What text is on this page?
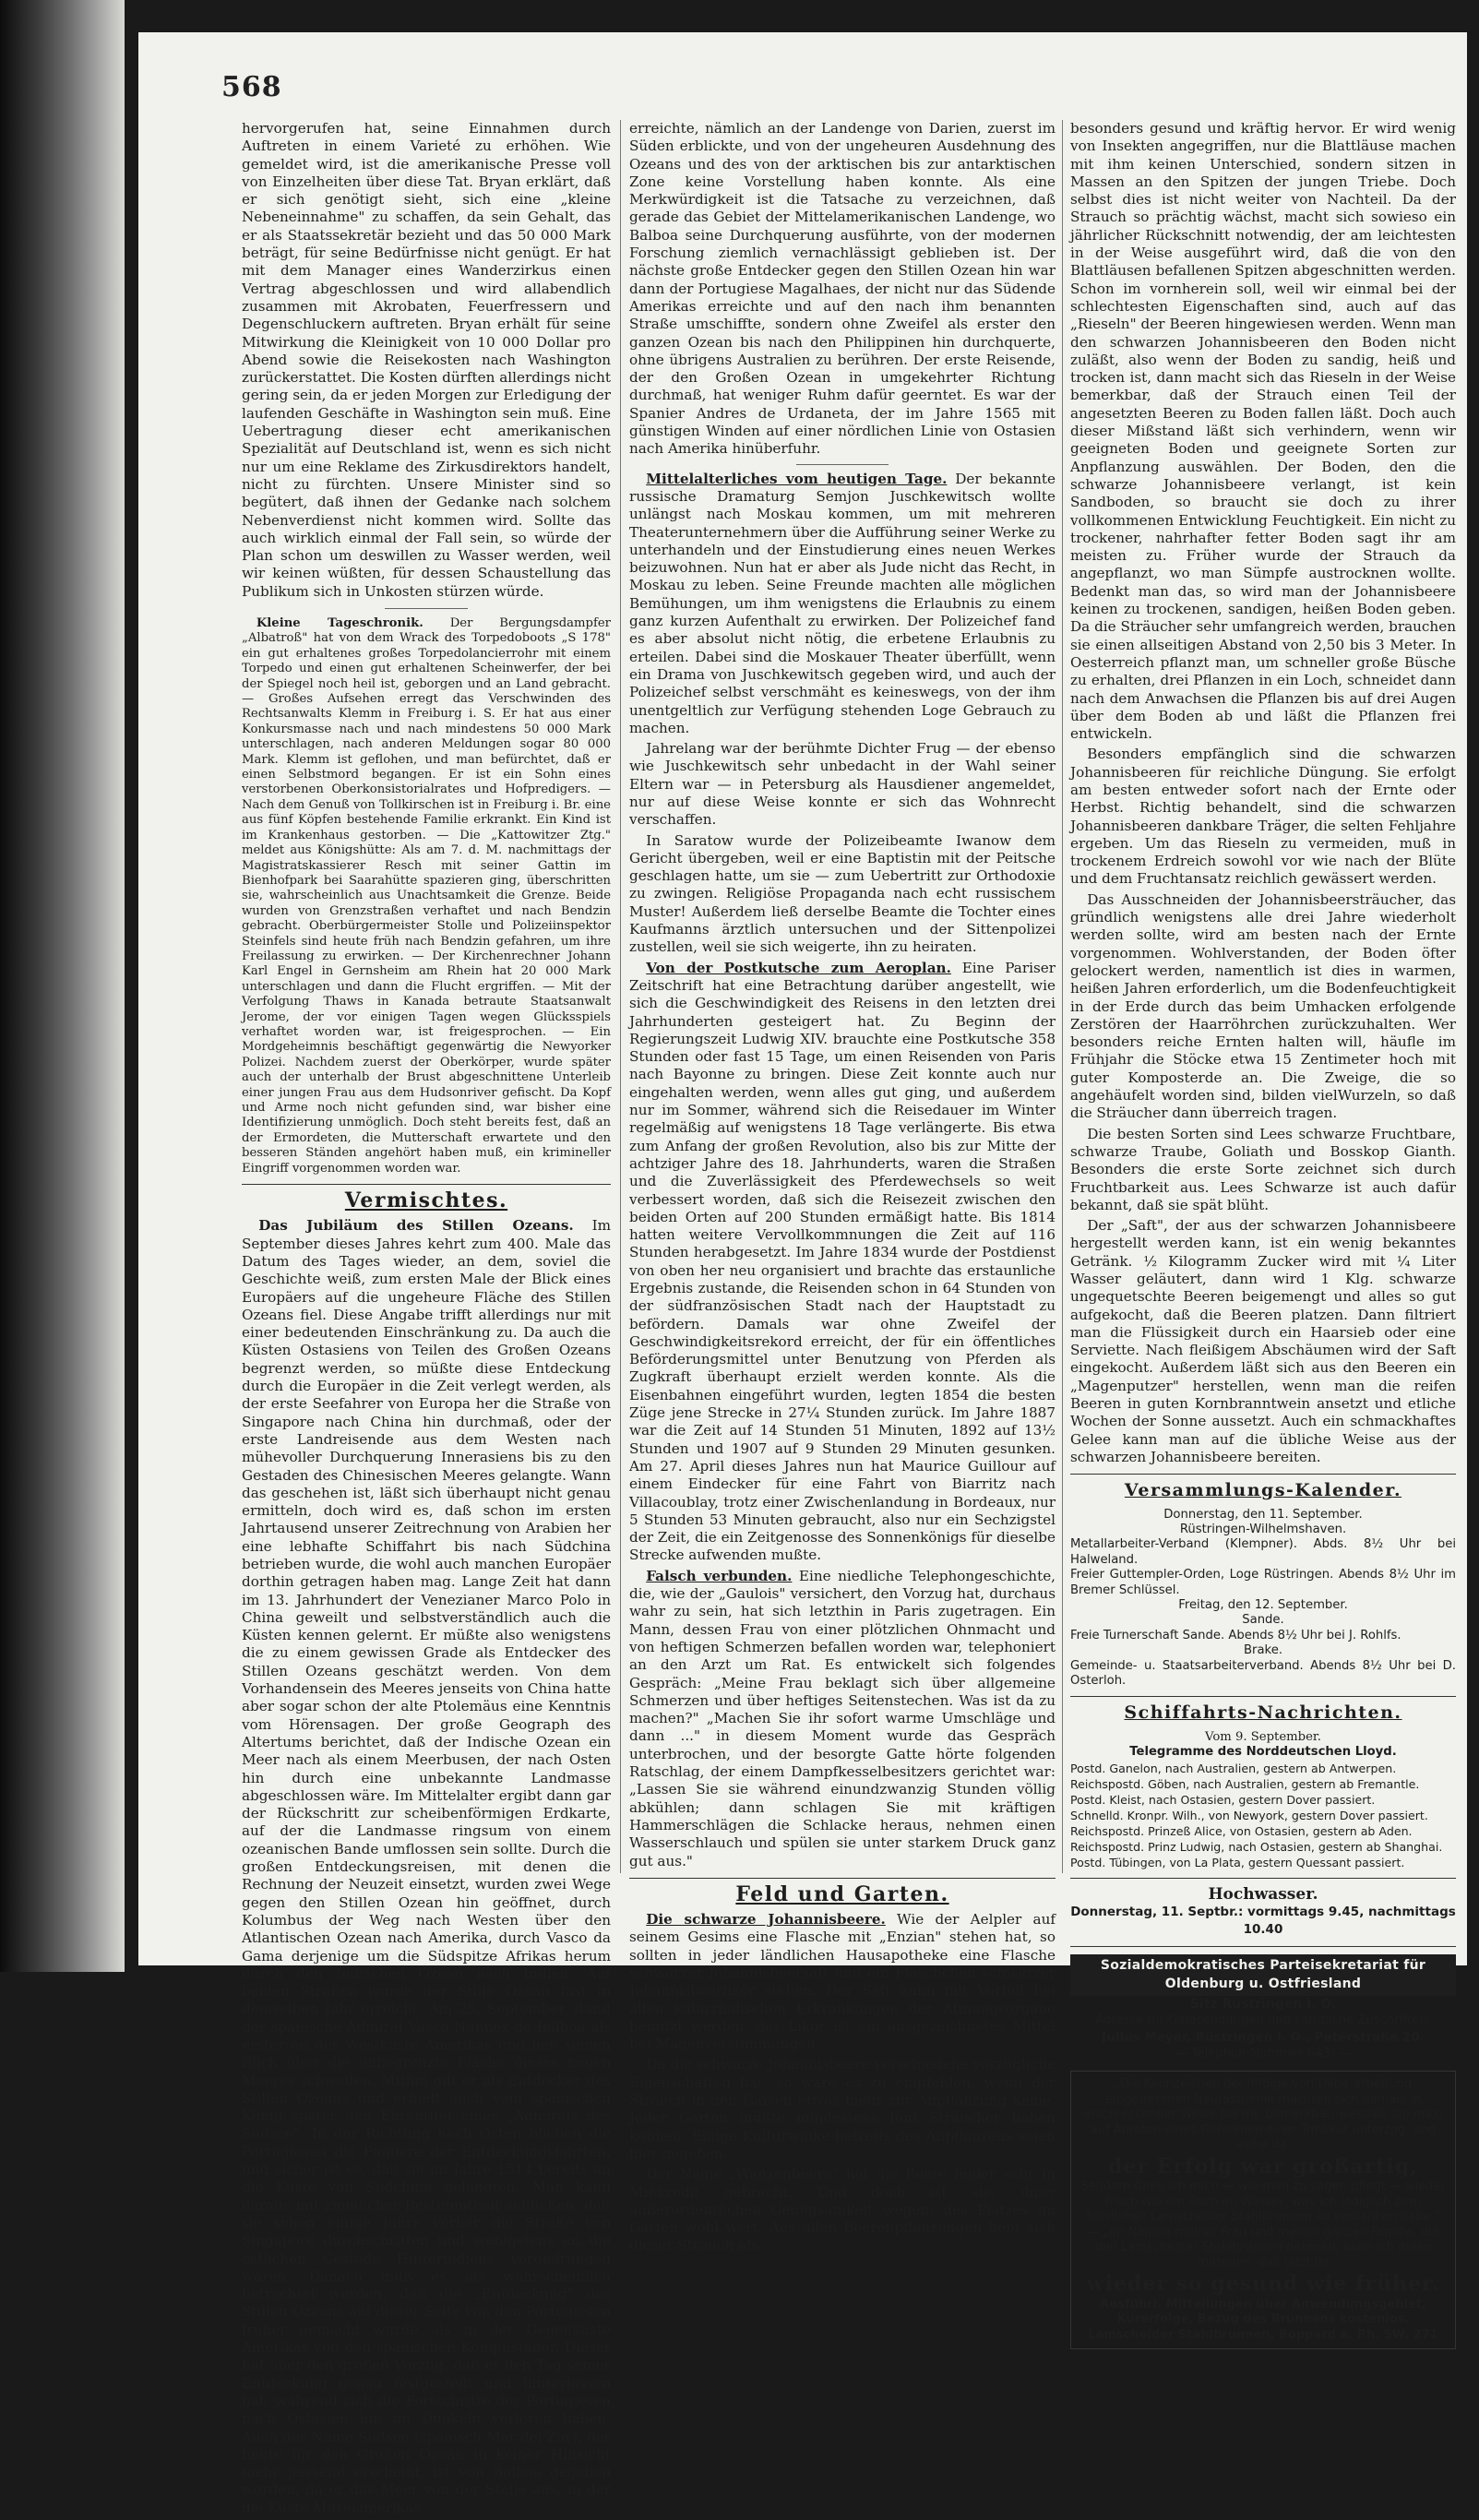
568

hervorgerufen hat, seine Einnahmen durch Auftreten in einem Varieté zu erhöhen. Wie gemeldet wird, ist die amerikanische Presse voll von Einzelheiten über diese Tat. Bryan erklärt, daß er sich genötigt sieht, sich eine „kleine Nebeneinnahme" zu schaffen, da sein Gehalt, das er als Staatssekretär bezieht und das 50 000 Mark beträgt, für seine Bedürfnisse nicht genügt. Er hat mit dem Manager eines Wanderzirkus einen Vertrag abgeschlossen und wird allabendlich zusammen mit Akrobaten, Feuerfressern und Degenschluckern auftreten. Bryan erhält für seine Mitwirkung die Kleinigkeit von 10 000 Dollar pro Abend sowie die Reisekosten nach Washington zurückerstattet. Die Kosten dürften allerdings nicht gering sein, da er jeden Morgen zur Erledigung der laufenden Geschäfte in Washington sein muß. Eine Uebertragung dieser echt amerikanischen Spezialität auf Deutschland ist, wenn es sich nicht nur um eine Reklame des Zirkusdirektors handelt, nicht zu fürchten. Unsere Minister sind so begütert, daß ihnen der Gedanke nach solchem Nebenverdienst nicht kommen wird. Sollte das auch wirklich einmal der Fall sein, so würde der Plan schon um deswillen zu Wasser werden, weil wir keinen wüßten, für dessen Schaustellung das Publikum sich in Unkosten stürzen würde.

Kleine Tageschronik. Der Bergungsdampfer „Albatroß" hat von dem Wrack des Torpedoboots „S 178" ein gut erhaltenes großes Torpedolancierrohr mit einem Torpedo und einen gut erhaltenen Scheinwerfer, der bei der Spiegel noch heil ist, geborgen und an Land gebracht. — Großes Aufsehen erregt das Verschwinden des Rechtsanwalts Klemm in Freiburg i. S. Er hat aus einer Konkursmasse nach und nach mindestens 50 000 Mark unterschlagen, nach anderen Meldungen sogar 80 000 Mark. Klemm ist geflohen, und man befürchtet, daß er einen Selbstmord begangen. Er ist ein Sohn eines verstorbenen Oberkonsistorialrates und Hofpredigers. — Nach dem Genuß von Tollkirschen ist in Freiburg i. Br. eine aus fünf Köpfen bestehende Familie erkrankt. Ein Kind ist im Krankenhaus gestorben. — Die „Kattowitzer Ztg." meldet aus Königshütte: Als am 7. d. M. nachmittags der Magistratskassierer Resch mit seiner Gattin im Bienhofpark bei Saarahütte spazieren ging, überschritten sie, wahrscheinlich aus Unachtsamkeit die Grenze. Beide wurden von Grenzstraßen verhaftet und nach Bendzin gebracht. Oberbürgermeister Stolle und Polizeiinspektor Steinfels sind heute früh nach Bendzin gefahren, um ihre Freilassung zu erwirken. — Der Kirchenrechner Johann Karl Engel in Gernsheim am Rhein hat 20 000 Mark unterschlagen und dann die Flucht ergriffen. — Mit der Verfolgung Thaws in Kanada betraute Staatsanwalt Jerome, der vor einigen Tagen wegen Glücksspiels verhaftet worden war, ist freigesprochen. — Ein Mordgeheimnis beschäftigt gegenwärtig die Newyorker Polizei. Nachdem zuerst der Oberkörper, wurde später auch der unterhalb der Brust abgeschnittene Unterleib einer jungen Frau aus dem Hudsonriver gefischt. Da Kopf und Arme noch nicht gefunden sind, war bisher eine Identifizierung unmöglich. Doch steht bereits fest, daß an der Ermordeten, die Mutterschaft erwartete und den besseren Ständen angehört haben muß, ein krimineller Eingriff vorgenommen worden war.

Vermischtes.

Das Jubiläum des Stillen Ozeans. Im September dieses Jahres kehrt zum 400. Male das Datum des Tages wieder, an dem, soviel die Geschichte weiß, zum ersten Male der Blick eines Europäers auf die ungeheure Fläche des Stillen Ozeans fiel. Diese Angabe trifft allerdings nur mit einer bedeutenden Einschränkung zu. Da auch die Küsten Ostasiens von Teilen des Großen Ozeans begrenzt werden, so müßte diese Entdeckung durch die Europäer in die Zeit verlegt werden, als der erste Seefahrer von Europa her die Straße von Singapore nach China hin durchmaß, oder der erste Landreisende aus dem Westen nach mühevoller Durchquerung Innerasiens bis zu den Gestaden des Chinesischen Meeres gelangte. Wann das geschehen ist, läßt sich überhaupt nicht genau ermitteln, doch wird es, daß schon im ersten Jahrtausend unserer Zeitrechnung von Arabien her eine lebhafte Schiffahrt bis nach Südchina betrieben wurde, die wohl auch manchen Europäer dorthin getragen haben mag. Lange Zeit hat dann im 13. Jahrhundert der Venezianer Marco Polo in China geweilt und selbstverständlich auch die Küsten kennen gelernt. Er müßte also wenigstens die zu einem gewissen Grade als Entdecker des Stillen Ozeans geschätzt werden. Von dem Vorhandensein des Meeres jenseits von China hatte aber sogar schon der alte Ptolemäus eine Kenntnis vom Hörensagen. Der große Geograph des Altertums berichtet, daß der Indische Ozean ein Meer nach als einem Meerbusen, der nach Osten hin durch eine unbekannte Landmasse abgeschlossen wäre. Im Mittelalter ergibt dann gar der Rückschritt zur scheibenförmigen Erdkarte, auf der die Landmasse ringsum von einem ozeanischen Bande umflossen sein sollte. Durch die großen Entdeckungsreisen, mit denen die Rechnung der Neuzeit einsetzt, wurden zwei Wege gegen den Stillen Ozean hin geöffnet, durch Kolumbus der Weg nach Westen über den Atlantischen Ozean nach Amerika, durch Vasco da Gama derjenige um die Südspitze Afrikas herum durch den Indischen Ozean nach Indien. Auf beiden Straßen wurde der Stille Ozean fast in demselben Jahr erreicht. Am 25. September stand der spanische Admiral Vasco Nunnez de Balboa als erster an der Westküste Amerikas und ließ seinen Blick über die unbegrenzte Fläche dieses neuen Meeres schweifen. Mithin gilt er als Entdecker des Stillen Ozeans und erhielt auch vom spanischen König später den Ehrentitel eines „Admirals des Südsee". In der Richtung nach Osten blieben die Portugiesen die Pioniere der Entdeckungsfahrten, und sicher ist es, daß sie im Jahre 1514 bereits an die Küste von Südchina gelangten. Man kann daraus mit ziemlicher Bestimmtheit schließen, daß sie schon einige Jahre vorher die Straße von Singapore durchschritten und wenigstens an die östlichen Gestade Hinterindiens vorgedrungen waren. Danach muß es als wahrscheinlich betrachtet werden, daß die „Entdeckung" des Stillen Ozeans auf dieser Seite von den Portugiesen früher gemacht wurde als in der Gegenküste Amerikas von den spanischen Konquistador. Dieser hat aber den großen Vorzug, daß er den Tag seiner Entdeckung genau festgestellt und hinterlassen hat, während sich die Fortschritte der Portugiesen nach Ostasien hin im Dunkeln verloren haben. Auch der Name Südsee (spanisch Mar del Zur), der heute für den Großen Ozean in keiner Hinsicht mehr passend erscheint, ist von Balboa gegeben worden, da er das Meer von der Stelle aus, in der die Küste Mittelamerikas

erreichte, nämlich an der Landenge von Darien, zuerst im Süden erblickte, und von der ungeheuren Ausdehnung des Ozeans und des von der arktischen bis zur antarktischen Zone keine Vorstellung haben konnte. Als eine Merkwürdigkeit ist die Tatsache zu verzeichnen, daß gerade das Gebiet der Mittelamerikanischen Landenge, wo Balboa seine Durchquerung ausführte, von der modernen Forschung ziemlich vernachlässigt geblieben ist. Der nächste große Entdecker gegen den Stillen Ozean hin war dann der Portugiese Magalhaes, der nicht nur das Südende Amerikas erreichte und auf den nach ihm benannten Straße umschiffte, sondern ohne Zweifel als erster den ganzen Ozean bis nach den Philippinen hin durchquerte, ohne übrigens Australien zu berühren. Der erste Reisende, der den Großen Ozean in umgekehrter Richtung durchmaß, hat weniger Ruhm dafür geerntet. Es war der Spanier Andres de Urdaneta, der im Jahre 1565 mit günstigen Winden auf einer nördlichen Linie von Ostasien nach Amerika hinüberfuhr.

Mittelalterliches vom heutigen Tage. Der bekannte russische Dramaturg Semjon Juschkewitsch wollte unlängst nach Moskau kommen, um mit mehreren Theaterunternehmern über die Aufführung seiner Werke zu unterhandeln und der Einstudierung eines neuen Werkes beizuwohnen. Nun hat er aber als Jude nicht das Recht, in Moskau zu leben. Seine Freunde machten alle möglichen Bemühungen, um ihm wenigstens die Erlaubnis zu einem ganz kurzen Aufenthalt zu erwirken. Der Polizeichef fand es aber absolut nicht nötig, die erbetene Erlaubnis zu erteilen. Dabei sind die Moskauer Theater überfüllt, wenn ein Drama von Juschkewitsch gegeben wird, und auch der Polizeichef selbst verschmäht es keineswegs, von der ihm unentgeltlich zur Verfügung stehenden Loge Gebrauch zu machen.

Jahrelang war der berühmte Dichter Frug — der ebenso wie Juschkewitsch sehr unbedacht in der Wahl seiner Eltern war — in Petersburg als Hausdiener angemeldet, nur auf diese Weise konnte er sich das Wohnrecht verschaffen.

In Saratow wurde der Polizeibeamte Iwanow dem Gericht übergeben, weil er eine Baptistin mit der Peitsche geschlagen hatte, um sie — zum Uebertritt zur Orthodoxie zu zwingen. Religiöse Propaganda nach echt russischem Muster! Außerdem ließ derselbe Beamte die Tochter eines Kaufmanns ärztlich untersuchen und der Sittenpolizei zustellen, weil sie sich weigerte, ihn zu heiraten.

Von der Postkutsche zum Aeroplan. Eine Pariser Zeitschrift hat eine Betrachtung darüber angestellt, wie sich die Geschwindigkeit des Reisens in den letzten drei Jahrhunderten gesteigert hat. Zu Beginn der Regierungszeit Ludwig XIV. brauchte eine Postkutsche 358 Stunden oder fast 15 Tage, um einen Reisenden von Paris nach Bayonne zu bringen. Diese Zeit konnte auch nur eingehalten werden, wenn alles gut ging, und außerdem nur im Sommer, während sich die Reisedauer im Winter regelmäßig auf wenigstens 18 Tage verlängerte. Bis etwa zum Anfang der großen Revolution, also bis zur Mitte der achtziger Jahre des 18. Jahrhunderts, waren die Straßen und die Zuverlässigkeit des Pferdewechsels so weit verbessert worden, daß sich die Reisezeit zwischen den beiden Orten auf 200 Stunden ermäßigt hatte. Bis 1814 hatten weitere Vervollkommnungen die Zeit auf 116 Stunden herabgesetzt. Im Jahre 1834 wurde der Postdienst von oben her neu organisiert und brachte das erstaunliche Ergebnis zustande, die Reisenden schon in 64 Stunden von der südfranzösischen Stadt nach der Hauptstadt zu befördern. Damals war ohne Zweifel der Geschwindigkeitsrekord erreicht, der für ein öffentliches Beförderungsmittel unter Benutzung von Pferden als Zugkraft überhaupt erzielt werden konnte. Als die Eisenbahnen eingeführt wurden, legten 1854 die besten Züge jene Strecke in 27¼ Stunden zurück. Im Jahre 1887 war die Zeit auf 14 Stunden 51 Minuten, 1892 auf 13½ Stunden und 1907 auf 9 Stunden 29 Minuten gesunken. Am 27. April dieses Jahres nun hat Maurice Guillour auf einem Eindecker für eine Fahrt von Biarritz nach Villacoublay, trotz einer Zwischenlandung in Bordeaux, nur 5 Stunden 53 Minuten gebraucht, also nur ein Sechzigstel der Zeit, die ein Zeitgenosse des Sonnenkönigs für dieselbe Strecke aufwenden mußte.

Falsch verbunden. Eine niedliche Telephongeschichte, die, wie der „Gaulois" versichert, den Vorzug hat, durchaus wahr zu sein, hat sich letzthin in Paris zugetragen. Ein Mann, dessen Frau von einer plötzlichen Ohnmacht und von heftigen Schmerzen befallen worden war, telephoniert an den Arzt um Rat. Es entwickelt sich folgendes Gespräch: „Meine Frau beklagt sich über allgemeine Schmerzen und über heftiges Seitenstechen. Was ist da zu machen?" „Machen Sie ihr sofort warme Umschläge und dann ..." in diesem Moment wurde das Gespräch unterbrochen, und der besorgte Gatte hörte folgenden Ratschlag, der einem Dampfkesselbesitzers gerichtet war: „Lassen Sie sie während einundzwanzig Stunden völlig abkühlen; dann schlagen Sie mit kräftigen Hammerschlägen die Schlacke heraus, nehmen einen Wasserschlauch und spülen sie unter starkem Druck ganz gut aus."

Feld und Garten.

Die schwarze Johannisbeere. Wie der Aelpler auf seinem Gesims eine Flasche mit „Enzian" stehen hat, so sollten in jeder ländlichen Hausapotheke eine Flasche schwarzer Johannisbeersaft und ein Fläschchen schwarzer Johannisbeerlikör stehen. Der Saft kann mit Vorteil bei allen katarrhalischen Erkrankungen der Atmungsorgane benutzt werden, der Likör ist ein ausgezeichnetes Mittel bei Magenverstimmungen.

Da die schwarze Johannisbeere verschiedene vorzügliche Eigenschaften hat, so wäre es zu empfehlen, wenn der Strauch in den Gärten etwas mehr zur Anpflanzung käme. Jeder Garten müßte mindestens fünf Sträucher haben können. Einige Kulturwinke betreffs des Anpflanzens seien hier gegeben.

Der Name „Wanzenbeere" hat die Beere leider sehr in Mißkredit gebracht. Und doch ist sie, ihrer außerordentlichen Genügsamkeit wegen, des Platzes im Garten wohl wert. Aus allen Beerenpflanzungen hebt sich dieser Strauch als

besonders gesund und kräftig hervor. Er wird wenig von Insekten angegriffen, nur die Blattläuse machen mit ihm keinen Unterschied, sondern sitzen in Massen an den Spitzen der jungen Triebe. Doch selbst dies ist nicht weiter von Nachteil. Da der Strauch so prächtig wächst, macht sich sowieso ein jährlicher Rückschnitt notwendig, der am leichtesten in der Weise ausgeführt wird, daß die von den Blattläusen befallenen Spitzen abgeschnitten werden. Schon im vornherein soll, weil wir einmal bei der schlechtesten Eigenschaften sind, auch auf das „Rieseln" der Beeren hingewiesen werden. Wenn man den schwarzen Johannisbeeren den Boden nicht zuläßt, also wenn der Boden zu sandig, heiß und trocken ist, dann macht sich das Rieseln in der Weise bemerkbar, daß der Strauch einen Teil der angesetzten Beeren zu Boden fallen läßt. Doch auch dieser Mißstand läßt sich verhindern, wenn wir geeigneten Boden und geeignete Sorten zur Anpflanzung auswählen. Der Boden, den die schwarze Johannisbeere verlangt, ist kein Sandboden, so braucht sie doch zu ihrer vollkommenen Entwicklung Feuchtigkeit. Ein nicht zu trockener, nahrhafter fetter Boden sagt ihr am meisten zu. Früher wurde der Strauch da angepflanzt, wo man Sümpfe austrocknen wollte. Bedenkt man das, so wird man der Johannisbeere keinen zu trockenen, sandigen, heißen Boden geben. Da die Sträucher sehr umfangreich werden, brauchen sie einen allseitigen Abstand von 2,50 bis 3 Meter. In Oesterreich pflanzt man, um schneller große Büsche zu erhalten, drei Pflanzen in ein Loch, schneidet dann nach dem Anwachsen die Pflanzen bis auf drei Augen über dem Boden ab und läßt die Pflanzen frei entwickeln.

Besonders empfänglich sind die schwarzen Johannisbeeren für reichliche Düngung. Sie erfolgt am besten entweder sofort nach der Ernte oder Herbst. Richtig behandelt, sind die schwarzen Johannisbeeren dankbare Träger, die selten Fehljahre ergeben. Um das Rieseln zu vermeiden, muß in trockenem Erdreich sowohl vor wie nach der Blüte und dem Fruchtansatz reichlich gewässert werden.

Das Ausschneiden der Johannisbeersträucher, das gründlich wenigstens alle drei Jahre wiederholt werden sollte, wird am besten nach der Ernte vorgenommen. Wohlverstanden, der Boden öfter gelockert werden, namentlich ist dies in warmen, heißen Jahren erforderlich, um die Bodenfeuchtigkeit in der Erde durch das beim Umhacken erfolgende Zerstören der Haarröhrchen zurückzuhalten. Wer besonders reiche Ernten halten will, häufle im Frühjahr die Stöcke etwa 15 Zentimeter hoch mit guter Komposterde an. Die Zweige, die so angehäufelt worden sind, bilden vielWurzeln, so daß die Sträucher dann überreich tragen.

Die besten Sorten sind Lees schwarze Fruchtbare, schwarze Traube, Goliath und Bosskop Gianth. Besonders die erste Sorte zeichnet sich durch Fruchtbarkeit aus. Lees Schwarze ist auch dafür bekannt, daß sie spät blüht.

Der „Saft", der aus der schwarzen Johannisbeere hergestellt werden kann, ist ein wenig bekanntes Getränk. ½ Kilogramm Zucker wird mit ¼ Liter Wasser geläutert, dann wird 1 Klg. schwarze ungequetschte Beeren beigemengt und alles so gut aufgekocht, daß die Beeren platzen. Dann filtriert man die Flüssigkeit durch ein Haarsieb oder eine Serviette. Nach fleißigem Abschäumen wird der Saft eingekocht. Außerdem läßt sich aus den Beeren ein „Magenputzer" herstellen, wenn man die reifen Beeren in guten Kornbranntwein ansetzt und etliche Wochen der Sonne aussetzt. Auch ein schmackhaftes Gelee kann man auf die übliche Weise aus der schwarzen Johannisbeere bereiten.

Versammlungs-Kalender.
Donnerstag, den 11. September.
Rüstringen-Wilhelmshaven.
Metallarbeiter-Verband (Klempner). Abds. 8½ Uhr bei Halweland.
Freier Guttempler-Orden, Loge Rüstringen. Abends 8½ Uhr im Bremer Schlüssel.
Freitag, den 12. September.
Sande.
Freie Turnerschaft Sande. Abends 8½ Uhr bei J. Rohlfs.
Brake.
Gemeinde- u. Staatsarbeiterverband. Abends 8½ Uhr bei D. Osterloh.
Schiffahrts-Nachrichten.
Vom 9. September.
Telegramme des Norddeutschen Lloyd.
Postd. Ganelon, nach Australien, gestern ab Antwerpen.
Reichspostd. Göben, nach Australien, gestern ab Fremantle.
Postd. Kleist, nach Ostasien, gestern Dover passiert.
Schnelld. Kronpr. Wilh., von Newyork, gestern Dover passiert.
Reichspostd. Prinzeß Alice, von Ostasien, gestern ab Aden.
Reichspostd. Prinz Ludwig, nach Ostasien, gestern ab Shanghai.
Postd. Tübingen, von La Plata, gestern Quessant passiert.
Hochwasser.
Donnerstag, 11. Septbr.: vormittags 9.45, nachmittags 10.40
Sozialdemokratisches Parteisekretariat für Oldenburg u. Ostfriesland
Sitz Rüstringen i. O.
Adresse für Geldsendungen und sämtliche Zuschriften:
Julius Meyer, Rüstringen i. O., Peterstraße 20.
— Telephon-Nummer 643. —
„Die Kennzeichen der infolge von Ueberarbeitung eingetretenen Neurasthenie machten sich damals in erschreckender Weise bei mir bemerkbar, weshalb ich mich auf Anraten eines Geheimen einer Trinkkur unterzog, und siehe da,
der Erfolg war großartig,
Seitdem fühle ich mich — wie man zu sagen pflegt — wieder frisch wie ein Fisch im Wasser, was ich lediglich dem herrlichen Lamscheider Stahlbrunnen zu verdanken habe." — „Im Namen meiner Frau und meiner ganzen Familie, die den Lamscheider Stahlbrunnen nehmen, kann ich Ihnen mitteilen, daß jetzt ist
wieder so gesund wie früher.
Ausführl. Mitteilungen über Anwendungsgebiet, Kurerfolge, Bezug des Brunnens kostenlos. Lamscheider Stahlbrunnen, Boppard a. Rh. SW. 271
